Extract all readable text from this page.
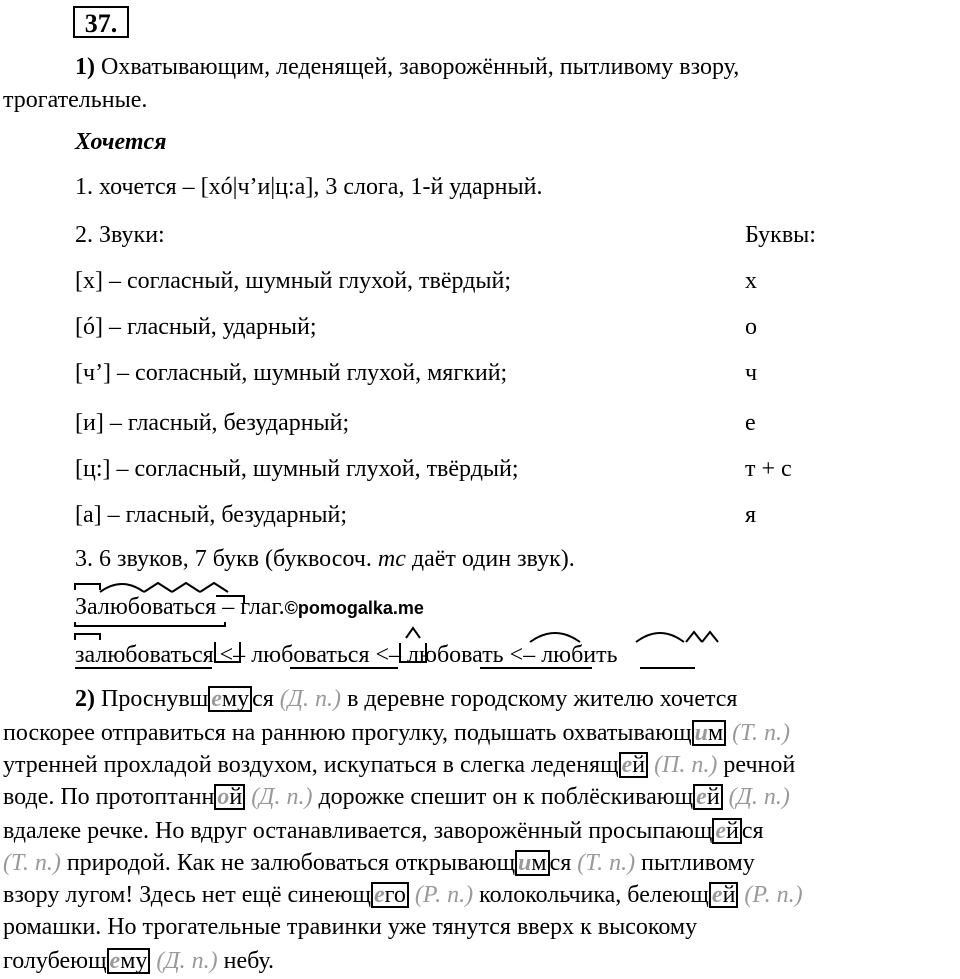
37.
1) Охватывающим, леденящей, заворожённый, пытливому взору,
трогательные.
Хочется
1. хочется – [хó|ч’и|ц:а], 3 слога, 1-й ударный.
2. Звуки:	Буквы:
[х] – согласный, шумный глухой, твёрдый;	х
[ó] – гласный, ударный;	о
[ч’] – согласный, шумный глухой, мягкий;	ч
[и] – гласный, безударный;	е
[ц:] – согласный, шумный глухой, твёрдый;	т + с
[а] – гласный, безударный;	я
3. 6 звуков, 7 букв (буквосоч. тс даёт один звук).
Залюбоваться – глаг.©pomogalka.me
залюбоваться <– любоваться <– любовать <– любить
2) Проснувш ему ся (Д. п.) в деревне городскому жителю хочется
поскорее отправиться на раннюю прогулку, подышать охватывающ им (Т. п.)
утренней прохладой воздухом, искупаться в слегка леденящ ей (П. п.) речной
воде. По протоптанн ой (Д. п.) дорожке спешит он к поблёскивающ ей (Д. п.)
вдалеке речке. Но вдруг останавливается, заворожённый просыпающ ей ся
(Т. п.) природой. Как не залюбоваться открывающ им ся (Т. п.) пытливому
взору лугом! Здесь нет ещё синеющ его (Р. п.) колокольчика, белеющ ей (Р. п.)
ромашки. Но трогательные травинки уже тянутся вверх к высокому
голубеющ ему (Д. п.) небу.
